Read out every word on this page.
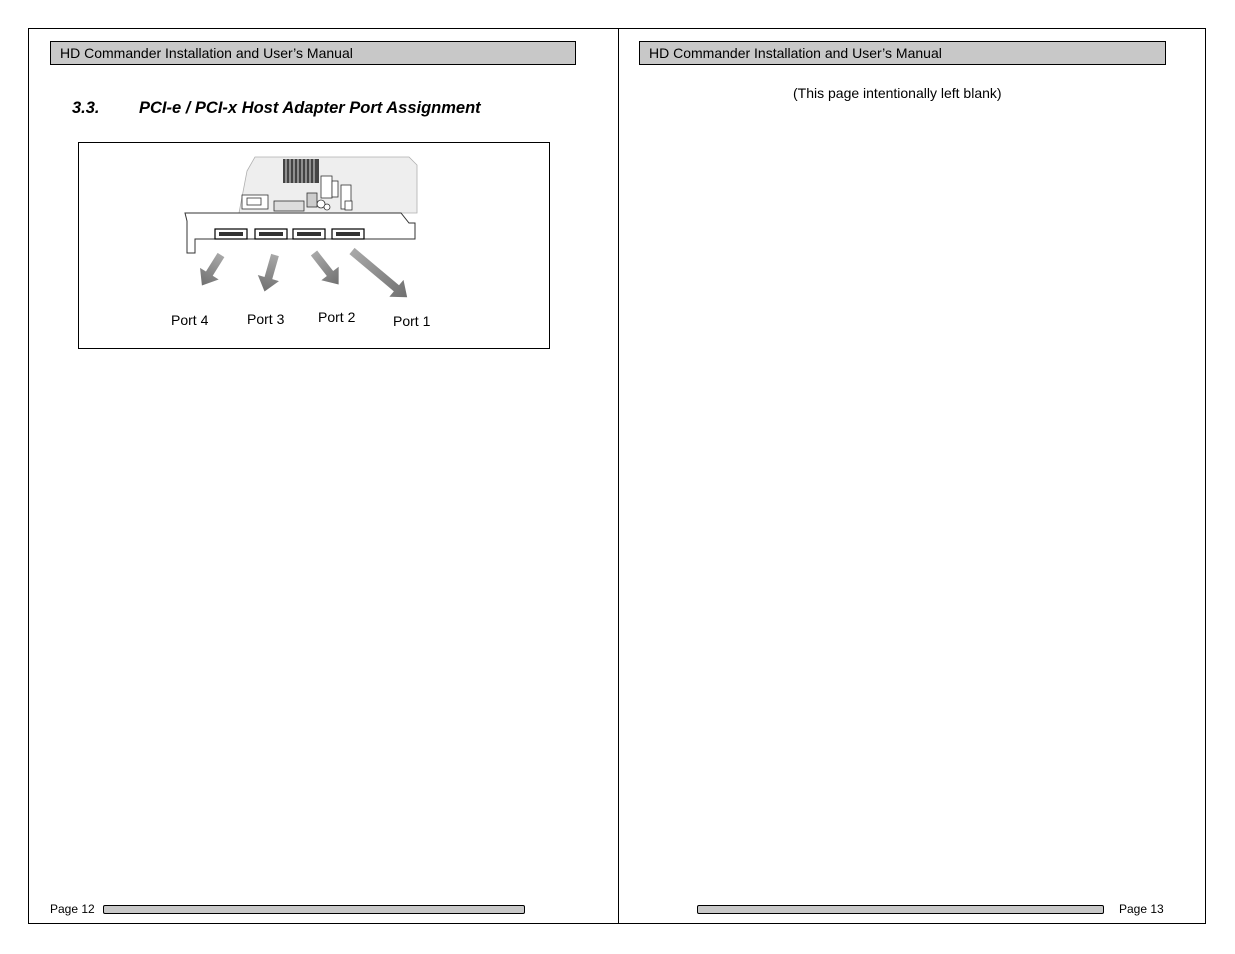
HD Commander Installation and User’s Manual
3.3. PCI-e / PCI-x Host Adapter Port Assignment
Port 4	Port 3 Port 2	Port 1
Page 12
HD Commander Installation and User’s Manual
(This page intentionally left blank)
Page 13
